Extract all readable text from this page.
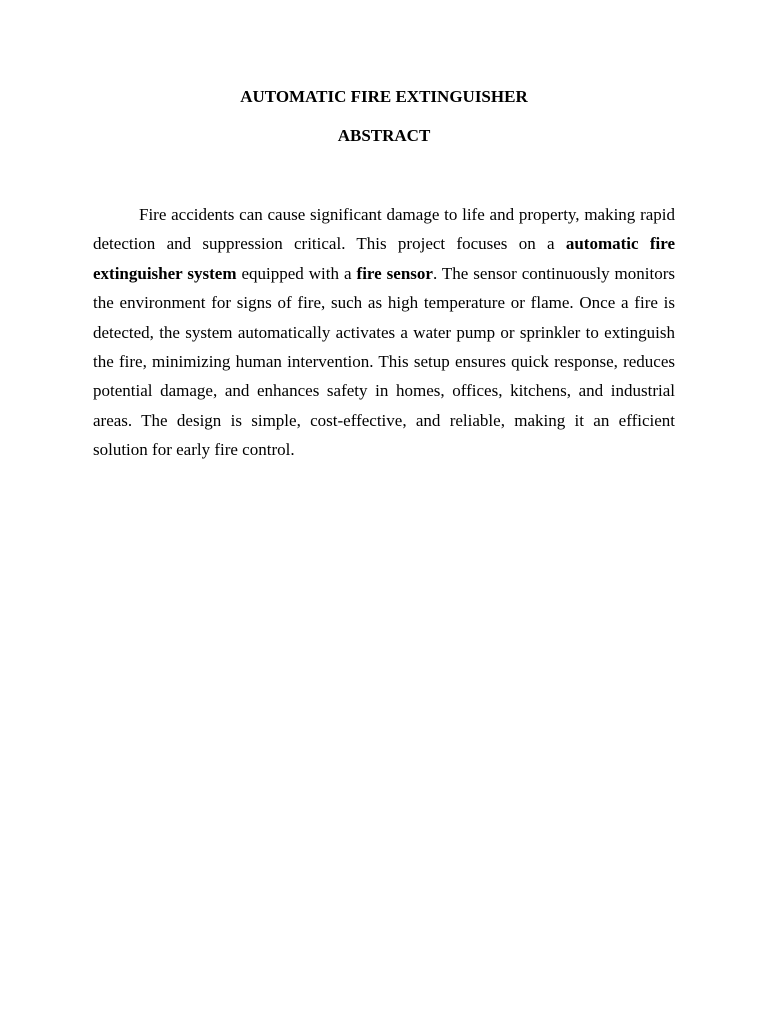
AUTOMATIC FIRE EXTINGUISHER
ABSTRACT

Fire accidents can cause significant damage to life and property, making rapid detection and suppression critical. This project focuses on a automatic fire extinguisher system equipped with a fire sensor. The sensor continuously monitors the environment for signs of fire, such as high temperature or flame. Once a fire is detected, the system automatically activates a water pump or sprinkler to extinguish the fire, minimizing human intervention. This setup ensures quick response, reduces potential damage, and enhances safety in homes, offices, kitchens, and industrial areas. The design is simple, cost-effective, and reliable, making it an efficient solution for early fire control.
